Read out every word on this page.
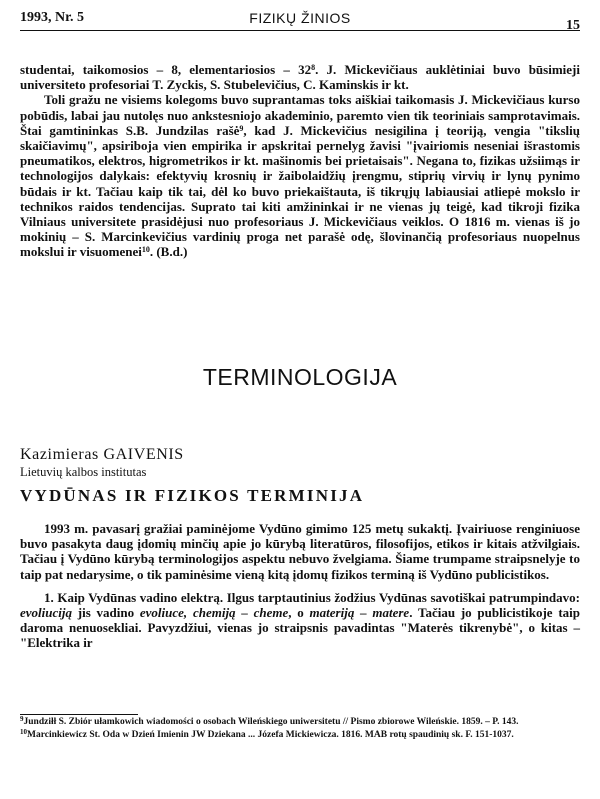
1993, Nr. 5	FIZIKŲ ŽINIOS	15

studentai, taikomosios – 8, elementariosios – $32^8$. J. Mickevičiaus auklėtiniai buvo būsimieji universiteto profesoriai T. Zyckis, S. Stubelevičius, C. Kaminskis ir kt.

Toli gražu ne visiems kolegoms buvo suprantamas toks aiškiai taikomasis J. Mickevičiaus kurso pobūdis, labai jau nutolęs nuo ankstesniojo akademinio, paremto vien tik teoriniais samprotavimais. Štai gamtininkas S.B. Jundzilas rašė$^9$, kad J. Mickevičius nesigilina į teoriją, vengia "tikslių skaičiavimų", apsiriboja vien empirika ir apskritai pernelyg žavisi "įvairiomis neseniai išrastomis pneumatikos, elektros, higrometrikos ir kt. mašinomis bei prietaisais". Negana to, fizikas užsiimąs ir technologijos dalykais: efektyvių krosnių ir žaibolaidžių įrengmu, stiprių virvių ir lynų pynimo būdais ir kt. Tačiau kaip tik tai, dėl ko buvo priekaištauta, iš tikrųjų labiausiai atliepė mokslo ir technikos raidos tendencijas. Suprato tai kiti amžininkai ir ne vienas jų teigė, kad tikroji fizika Vilniaus universitete prasidėjusi nuo profesoriaus J. Mickevičiaus veiklos. O 1816 m. vienas iš jo mokinių – S. Marcinkevičius vardinių proga net parašė odę, šlovinančią profesoriaus nuopelnus mokslui ir visuomenei$^{10}$. (B.d.)

TERMINOLOGIJA
Kazimieras GAIVENIS
Lietuvių kalbos institutas
VYDŪNAS IR FIZIKOS TERMINIJA

1993 m. pavasarį gražiai paminėjome Vydūno gimimo 125 metų sukaktį. Įvairiuose renginiuose buvo pasakyta daug įdomių minčių apie jo kūrybą literatūros, filosofijos, etikos ir kitais atžvilgiais. Tačiau į Vydūno kūrybą terminologijos aspektu nebuvo žvelgiama. Šiame trumpame straipsnelyje to taip pat nedarysime, o tik paminėsime vieną kitą įdomų fizikos terminą iš Vydūno publicistikos.

1. Kaip Vydūnas vadino elektrą. Ilgus tarptautinius žodžius Vydūnas savotiškai patrumpindavo: evoliuciją jis vadino evoliuce, chemiją – cheme, o materiją – matere. Tačiau jo publicistikoje taip daroma nenuosekliai. Pavyzdžiui, vienas jo straipsnis pavadintas "Materės tikrenybė", o kitas – "Elektrika ir

$^9$Jundziłł S. Zbiór ułamkowich wiadomości o osobach Wileńskiego uniwersitetu // Pismo zbiorowe Wileńskie. 1859. – P. 143.

$^{10}$Marcinkiewicz St. Oda w Dzień Imienin JW Dziekana ... Józefa Mickiewicza. 1816. MAB rotų spaudinių sk. F. 151-1037.
